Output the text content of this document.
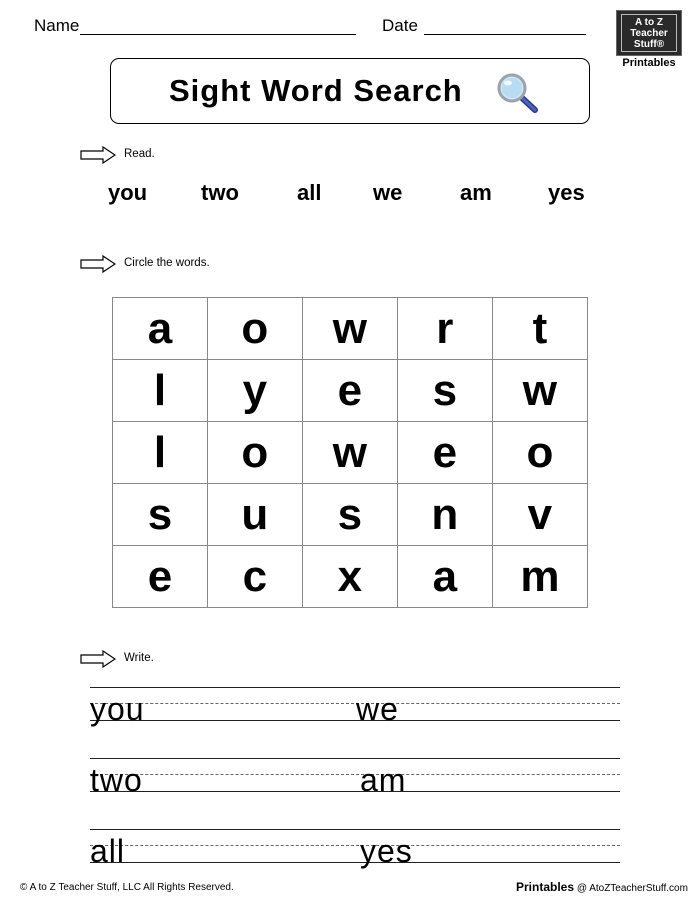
Name	Date	A to Z Teacher Stuff®
Printables
Sight Word Search
Read.
you two	all we	am	yes
Circle the words.
a	o	w	r	t
l	y	e	s	w
l	o	w	e	o
s	u	s	n	v
e	c	x	a	m
Write.
you	we
two	am
all	yes
© A to Z Teacher Stuff, LLC All Rights Reserved.	Printables @ AtoZTeacherStuff.com
